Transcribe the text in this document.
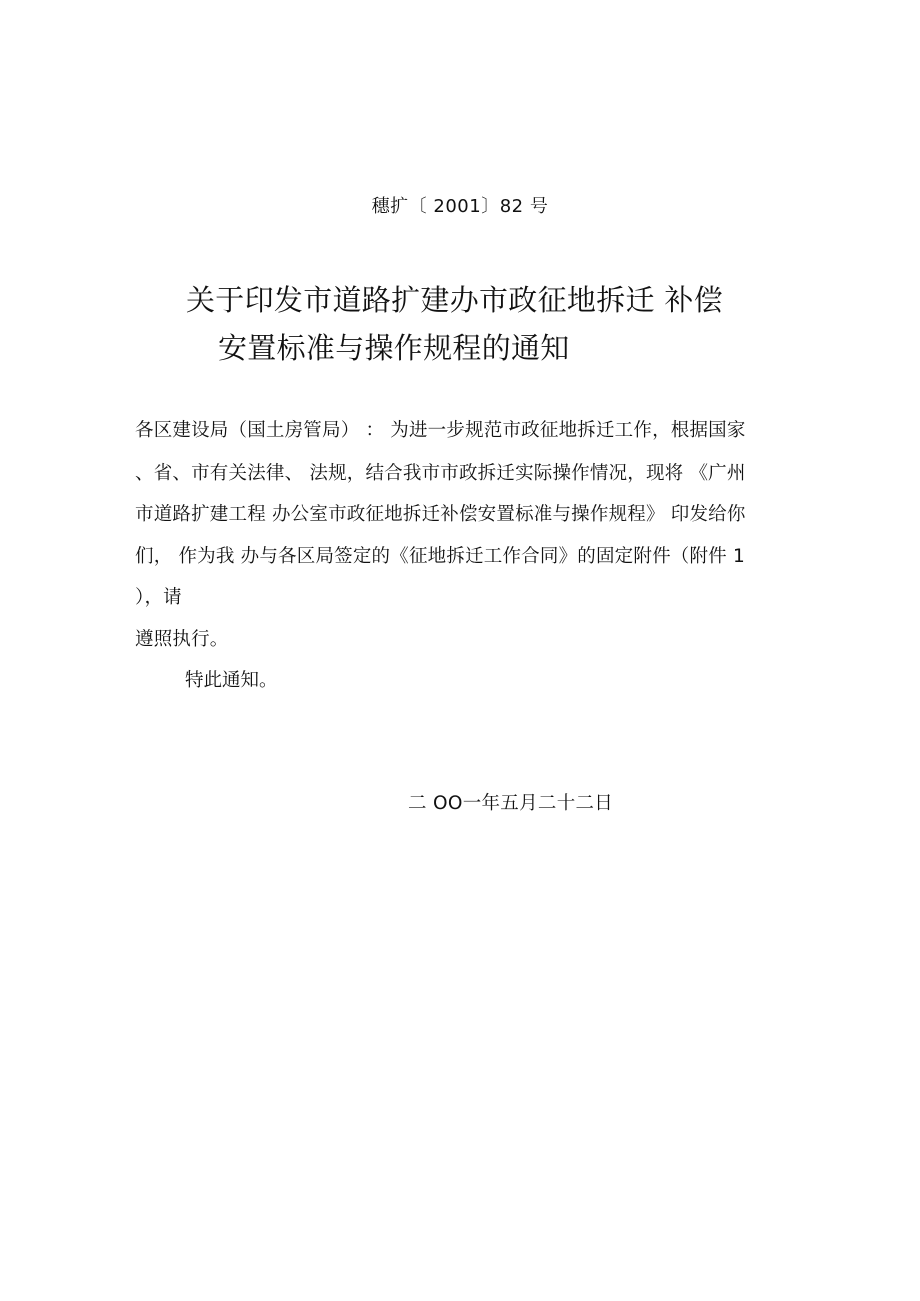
穗扩〔 2001〕82 号
关于印发市道路扩建办市政征地拆迁 补偿
安置标准与操作规程的通知
各区建设局（国土房管局） ： 为进一步规范市政征地拆迁工作，根据国家
、省、市有关法律、 法规，结合我市市政拆迁实际操作情况，现将 《广州
市道路扩建工程 办公室市政征地拆迁补偿安置标准与操作规程》 印发给你
们， 作为我 办与各区局签定的《征地拆迁工作合同》的固定附件（附件 1
），请
遵照执行。
特此通知。
二 OO一年五月二十二日
